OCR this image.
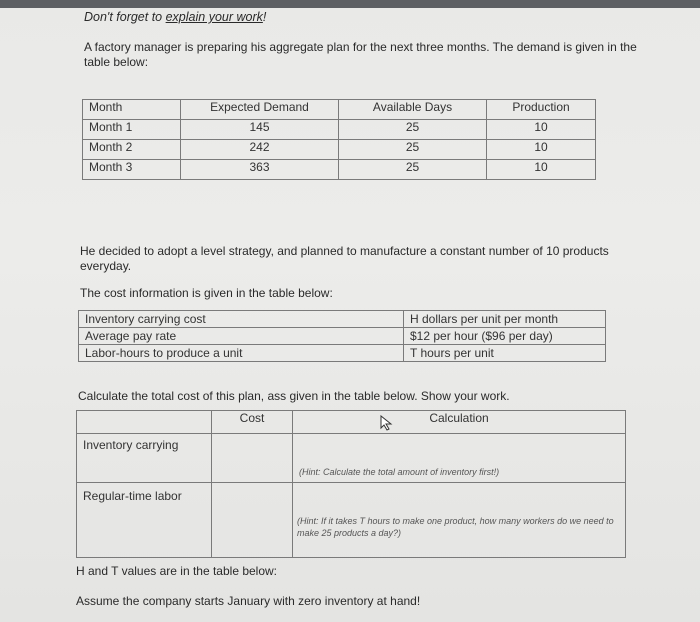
Don't forget to explain your work!
A factory manager is preparing his aggregate plan for the next three months. The demand is given in the
table below:
Month	Expected Demand	Available Days	Production
Month 1	145	25	10
Month 2	242	25	10
Month 3	363	25	10
He decided to adopt a level strategy, and planned to manufacture a constant number of 10 products
everyday.
The cost information is given in the table below:
Inventory carrying cost	H dollars per unit per month
Average pay rate	$12 per hour ($96 per day)
Labor-hours to produce a unit	T hours per unit
Calculate the total cost of this plan, ass given in the table below. Show your work.
	Cost	Calculation
Inventory carrying		(Hint: Calculate the total amount of inventory first!)

Regular-time labor		(Hint: If it takes T hours to make one product, how many workers do we need to make 25 products a day?)
H and T values are in the table below:
Assume the company starts January with zero inventory at hand!
